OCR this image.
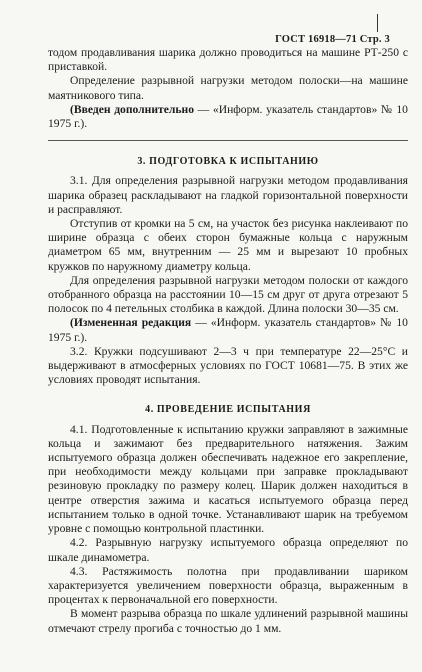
ГОСТ 16918—71 Стр. 3

тодом продавливания шарика должно проводиться на машине РТ-250 с приставкой.

Определение разрывной нагрузки методом полоски—на машине маятникового типа.

(Введен дополнительно — «Информ. указатель стандартов» № 10 1975 г.).

3. ПОДГОТОВКА К ИСПЫТАНИЮ

3.1. Для определения разрывной нагрузки методом продавливания шарика образец раскладывают на гладкой горизонтальной поверхности и расправляют.

Отступив от кромки на 5 см, на участок без рисунка наклеивают по ширине образца с обеих сторон бумажные кольца с наружным диаметром 65 мм, внутренним — 25 мм и вырезают 10 пробных кружков по наружному диаметру кольца.

Для определения разрывной нагрузки методом полоски от каждого отобранного образца на расстоянии 10—15 см друг от друга отрезают 5 полосок по 4 петельных столбика в каждой. Длина полоски 30—35 см.

(Измененная редакция — «Информ. указатель стандартов» № 10 1975 г.).

3.2. Кружки подсушивают 2—3 ч при температуре 22—25°С и выдерживают в атмосферных условиях по ГОСТ 10681—75. В этих же условиях проводят испытания.

4. ПРОВЕДЕНИЕ ИСПЫТАНИЯ

4.1. Подготовленные к испытанию кружки заправляют в зажимные кольца и зажимают без предварительного натяжения. Зажим испытуемого образца должен обеспечивать надежное его закрепление, при необходимости между кольцами при заправке прокладывают резиновую прокладку по размеру колец. Шарик должен находиться в центре отверстия зажима и касаться испытуемого образца перед испытанием только в одной точке. Устанавливают шарик на требуемом уровне с помощью контрольной пластинки.

4.2. Разрывную нагрузку испытуемого образца определяют по шкале динамометра.

4.3. Растяжимость полотна при продавливании шариком характеризуется увеличением поверхности образца, выраженным в процентах к первоначальной его поверхности.

В момент разрыва образца по шкале удлинений разрывной машины отмечают стрелу прогиба с точностью до 1 мм.
